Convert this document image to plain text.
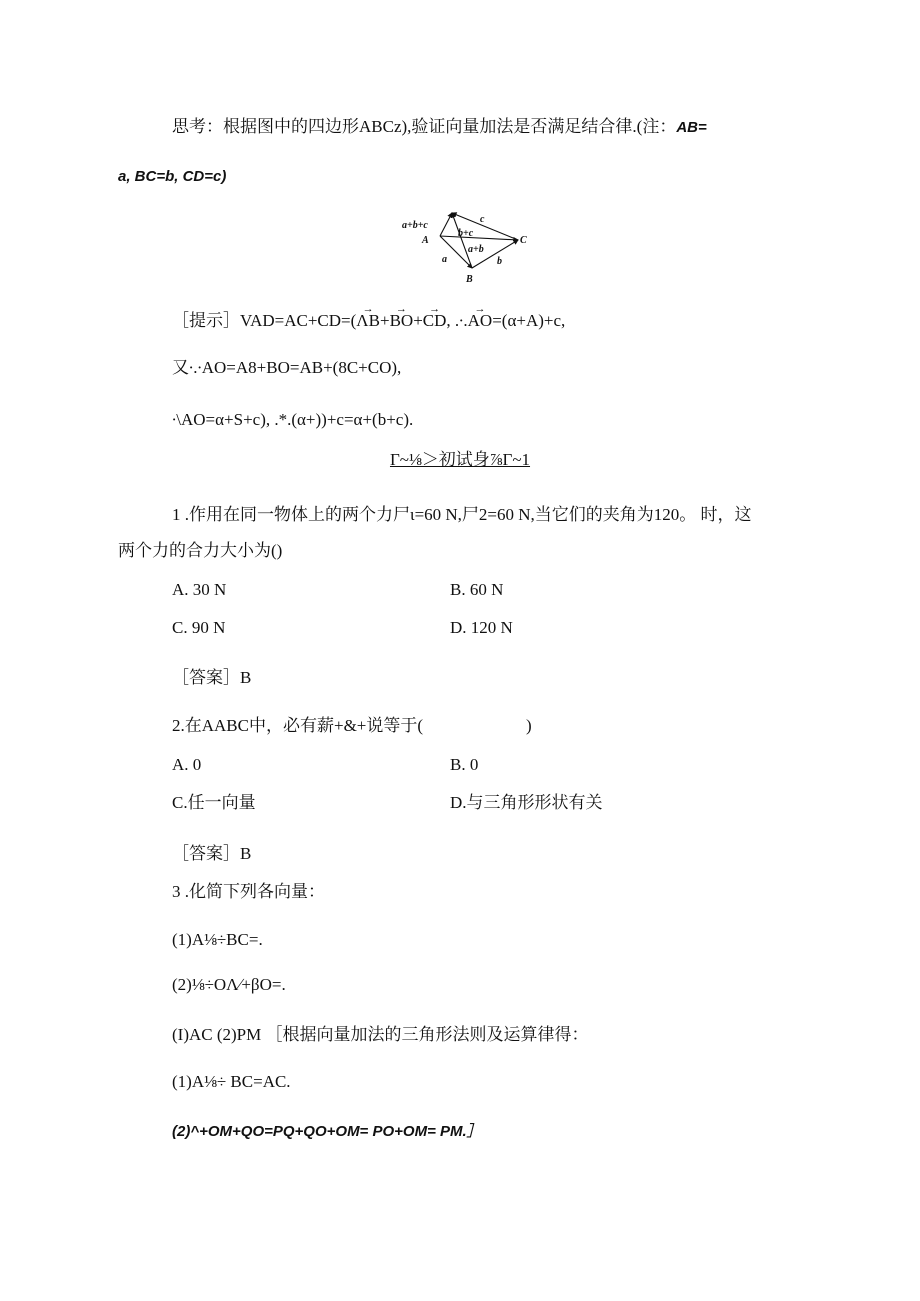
思考：根据图中的四边形ABCz),验证向量加法是否满足结合律.(注：AB=
a, BC=b, CD=c)
a+b+c
c
b+c
A	C
a+b
a	b
B
［提示］VAD=AC+CD=(→ ΛB+→ BO+→ CD, .∙.→ AO=(α+A)+c,
又∙.∙AO=A8+BO=AB+(8C+CO),
∙\AO=α+S+c), .*.(α+))+c=α+(b+c).
Γ~⅛＞初试身⅞Γ~1
1 .作用在同一物体上的两个力尸ι=60 N,尸2=60 N,当它们的夹角为120。 时，这
两个力的合力大小为()
A. 30 N	B. 60 N
C. 90 N	D. 120 N
［答案］B
2.在AABC中，必有薪+&+说等于(	)
A. 0	B. 0
C.任一向量	D.与三角形形状有关
［答案］B
3 .化简下列各向量：
(1)A⅛÷BC=.
(2)⅛÷OΛ∕+βO=.
(I)AC (2)PM ［根据向量加法的三角形法则及运算律得：
(1)A⅛÷ BC=AC.
(2)^+OM+QO=PQ+QO+OM= PO+OM= PM.］
